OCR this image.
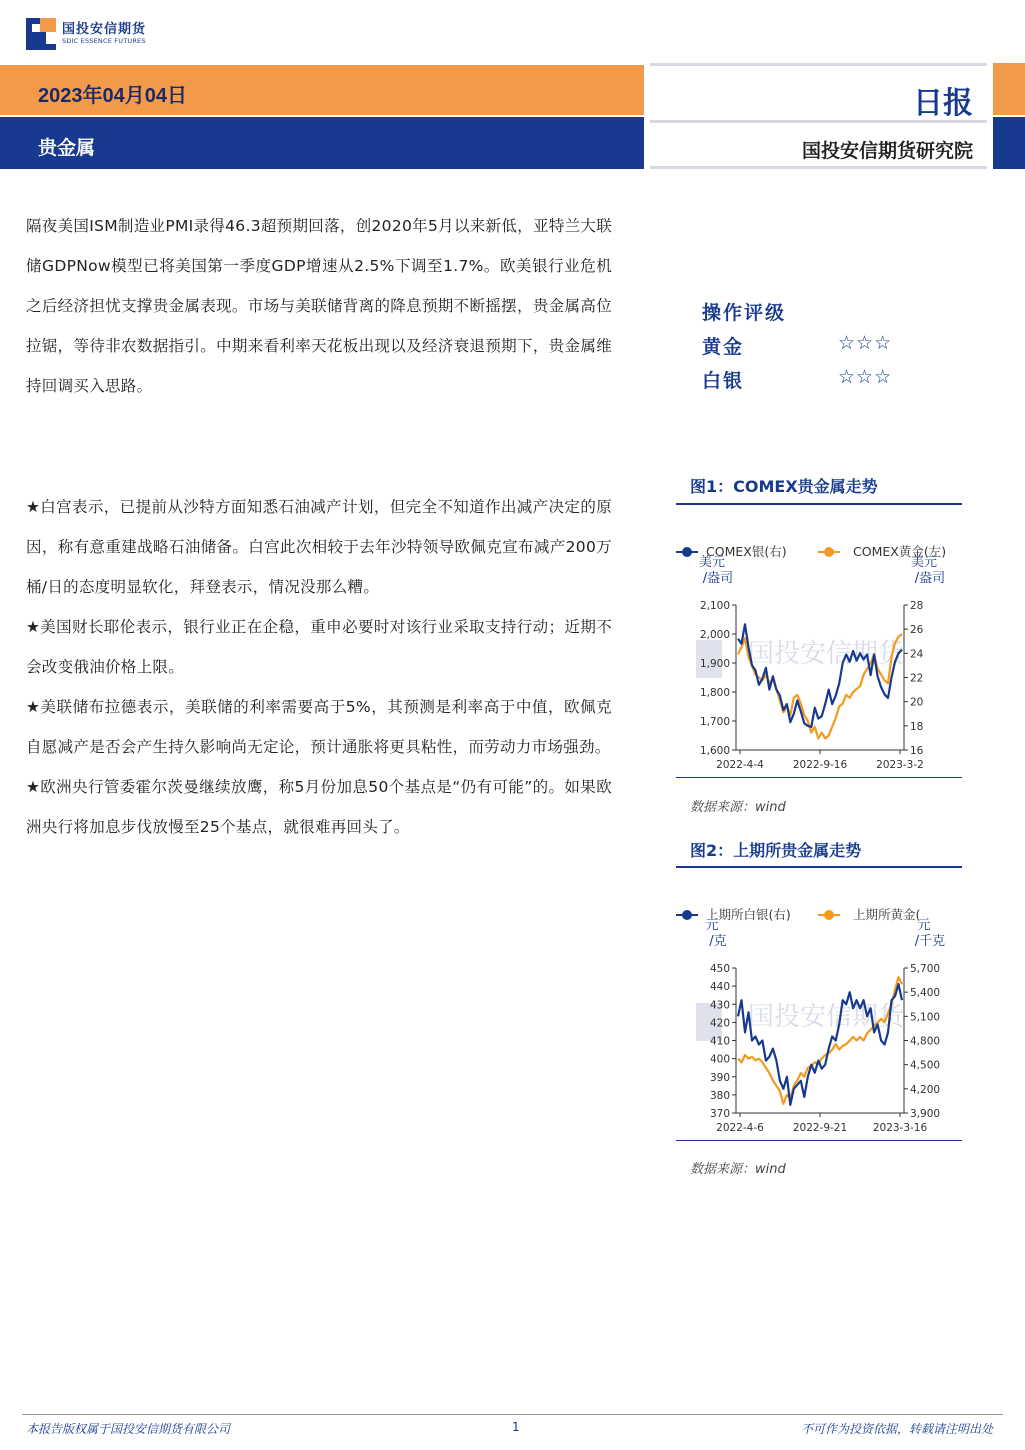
国投安信期货
SDIC ESSENCE FUTURES
2023年04月04日
贵金属
日报
国投安信期货研究院
隔夜美国ISM制造业PMI录得46.3超预期回落，创2020年5月以来新低，亚特兰大联储GDPNow模型已将美国第一季度GDP增速从2.5%下调至1.7%。欧美银行业危机之后经济担忧支撑贵金属表现。市场与美联储背离的降息预期不断摇摆，贵金属高位拉锯，等待非农数据指引。中期来看利率天花板出现以及经济衰退预期下，贵金属维持回调买入思路。

★白宫表示，已提前从沙特方面知悉石油减产计划，但完全不知道作出减产决定的原因，称有意重建战略石油储备。白宫此次相较于去年沙特领导欧佩克宣布减产200万桶/日的态度明显软化，拜登表示，情况没那么糟。

★美国财长耶伦表示，银行业正在企稳，重申必要时对该行业采取支持行动；近期不会改变俄油价格上限。

★美联储布拉德表示，美联储的利率需要高于5%，其预测是利率高于中值，欧佩克自愿减产是否会产生持久影响尚无定论，预计通胀将更具粘性，而劳动力市场强劲。

★欧洲央行管委霍尔茨曼继续放鹰，称5月份加息50个基点是“仍有可能”的。如果欧洲央行将加息步伐放慢至25个基点，就很难再回头了。

操作评级
黄金	☆☆☆
白银	☆☆☆
图1：COMEX贵金属走势
国投安信期货
COMEX银(右)	COMEX黄金(左)
美元
/盎司
美元
/盎司
1,600
1,700
1,800
1,900
2,000
2,100
16
18
20
22
24
26
28
2022-4-4	2022-9-16	2023-3-2
数据来源：wind
图2：上期所贵金属走势
国投安信期货
上期所白银(右)	上期所黄金(
元
/克
元
/千克
370
380
390
400
410
420
430
440
450
3,900
4,200
4,500
4,800
5,100
5,400
5,700
2022-4-6	2022-9-21 2023-3-16
数据来源：wind
本报告版权属于国投安信期货有限公司	1	不可作为投资依据，转载请注明出处
